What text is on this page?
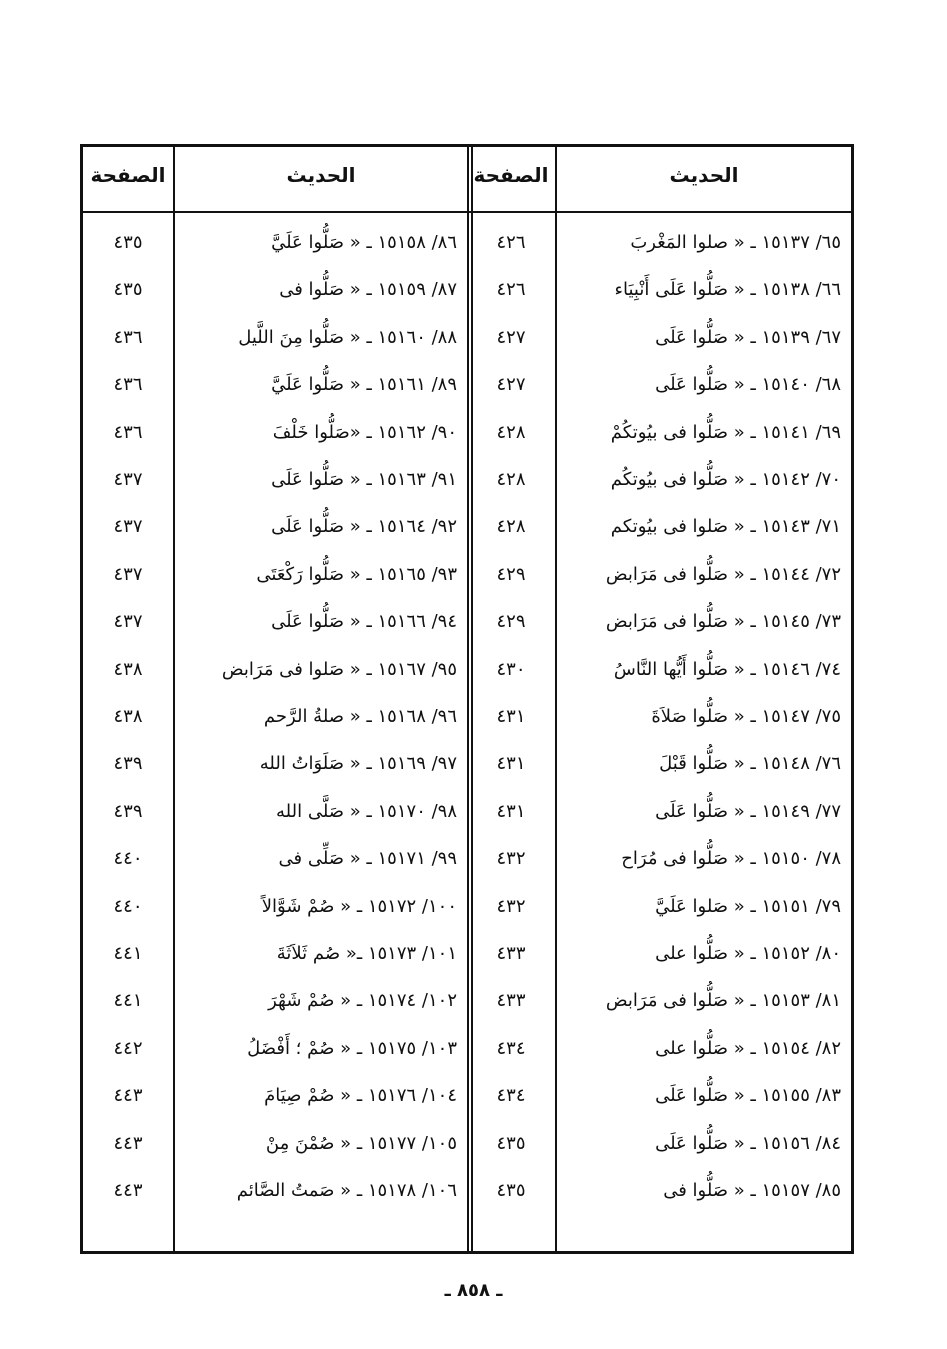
الحديث
الصفحة
٦٥/ ١٥١٣٧ ـ « صلوا المَغْربَ
٤٢٦
٦٦/ ١٥١٣٨ ـ « صَلُّوا عَلَى أَنْبِيَاء
٤٢٦
٦٧/ ١٥١٣٩ ـ « صَلُّوا عَلَى
٤٢٧
٦٨/ ١٥١٤٠ ـ « صَلُّوا عَلَى
٤٢٧
٦٩/ ١٥١٤١ ـ « صَلُّوا فى بيُوتكُمْ
٤٢٨
٧٠/ ١٥١٤٢ ـ « صَلُّوا فى بيُوتكُم
٤٢٨
٧١/ ١٥١٤٣ ـ « صَلوا فى بيُوتكم
٤٢٨
٧٢/ ١٥١٤٤ ـ « صَلُّوا فى مَرَابض
٤٢٩
٧٣/ ١٥١٤٥ ـ « صَلُّوا فى مَرَابض
٤٢٩
٧٤/ ١٥١٤٦ ـ « صَلُّوا أَيُّها النَّاسُ
٤٣٠
٧٥/ ١٥١٤٧ ـ « صَلُّوا صَلاَةَ
٤٣١
٧٦/ ١٥١٤٨ ـ « صَلُّوا قَبْلَ
٤٣١
٧٧/ ١٥١٤٩ ـ « صَلُّوا عَلَى
٤٣١
٧٨/ ١٥١٥٠ ـ « صَلُّوا فى مُرَاح
٤٣٢
٧٩/ ١٥١٥١ ـ « صَلوا عَلَيَّ
٤٣٢
٨٠/ ١٥١٥٢ ـ « صَلُّوا على
٤٣٣
٨١/ ١٥١٥٣ ـ « صَلُّوا فى مَرَابض
٤٣٣
٨٢/ ١٥١٥٤ ـ « صَلُّوا على
٤٣٤
٨٣/ ١٥١٥٥ ـ « صَلُّوا عَلَى
٤٣٤
٨٤/ ١٥١٥٦ ـ « صَلُّوا عَلَى
٤٣٥
٨٥/ ١٥١٥٧ ـ « صَلُّوا فى
٤٣٥
الحديث
الصفحة
٨٦/ ١٥١٥٨ ـ « صَلُّوا عَلَيَّ
٤٣٥
٨٧/ ١٥١٥٩ ـ « صَلُّوا فى
٤٣٥
٨٨/ ١٥١٦٠ ـ « صَلُّوا مِنَ اللَّيل
٤٣٦
٨٩/ ١٥١٦١ ـ « صَلُّوا عَلَيَّ
٤٣٦
٩٠/ ١٥١٦٢ ـ «صَلُّوا خَلْفَ
٤٣٦
٩١/ ١٥١٦٣ ـ « صَلُّوا عَلَى
٤٣٧
٩٢/ ١٥١٦٤ ـ « صَلُّوا عَلَى
٤٣٧
٩٣/ ١٥١٦٥ ـ « صَلُّوا رَكْعَتَى
٤٣٧
٩٤/ ١٥١٦٦ ـ « صَلُّوا عَلَى
٤٣٧
٩٥/ ١٥١٦٧ ـ « صَلوا فى مَرَابض
٤٣٨
٩٦/ ١٥١٦٨ ـ « صلةُ الرَّحم
٤٣٨
٩٧/ ١٥١٦٩ ـ « صَلَوَاتُ الله
٤٣٩
٩٨/ ١٥١٧٠ ـ « صَلَّى الله
٤٣٩
٩٩/ ١٥١٧١ ـ « صَلِّى فى
٤٤٠
١٠٠/ ١٥١٧٢ ـ « صُمْ شَوَّالاً
٤٤٠
١٠١/ ١٥١٧٣ ـ« صُم ثَلاَثَةَ
٤٤١
١٠٢/ ١٥١٧٤ ـ « صُمْ شَهْرَ
٤٤١
١٠٣/ ١٥١٧٥ ـ « صُمْ ؛ أَفْضَلُ
٤٤٢
١٠٤/ ١٥١٧٦ ـ « صُمْ صِيَامَ
٤٤٣
١٠٥/ ١٥١٧٧ ـ « صُمْنَ مِنْ
٤٤٣
١٠٦/ ١٥١٧٨ ـ « صَمتُ الصَّائم
٤٤٣
ـ ٨٥٨ ـ
